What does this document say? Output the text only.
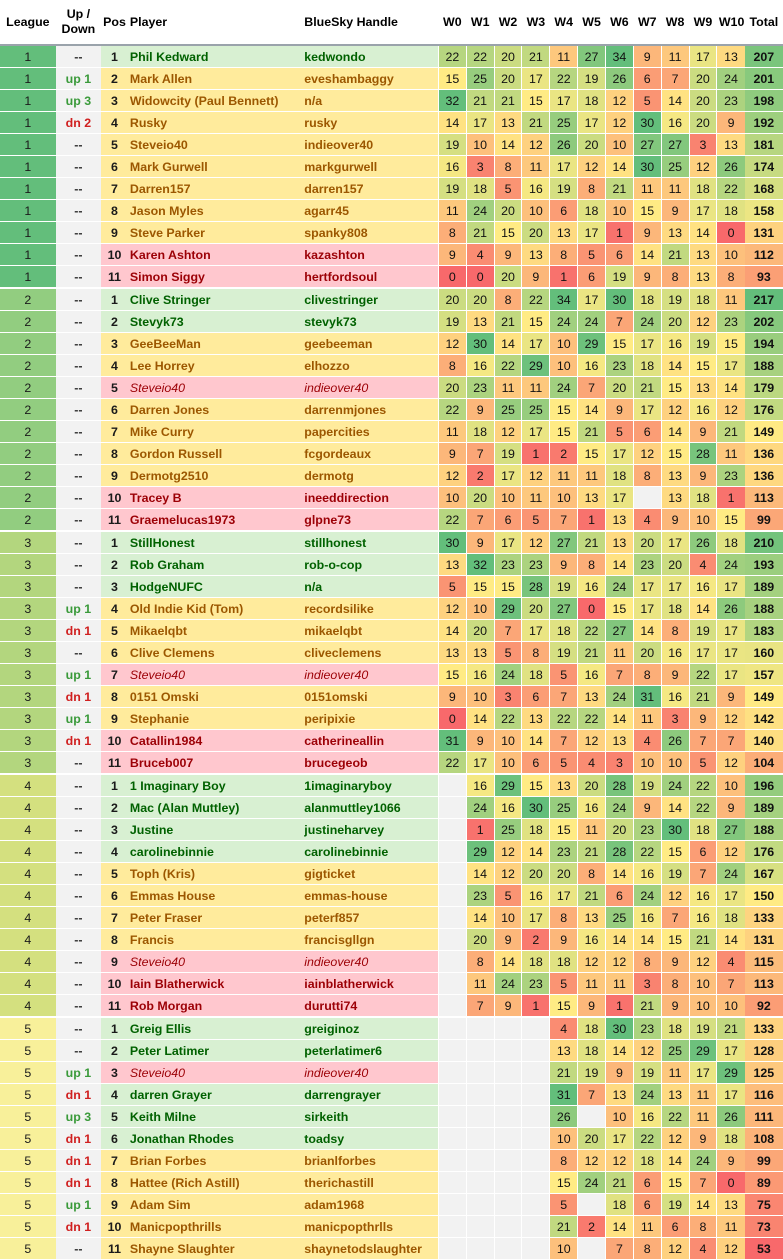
League	Up / Down	Pos	Player	BlueSky Handle	W0	W1	W2	W3	W4	W5	W6	W7	W8	W9	W10	Total
1	--	1	Phil Kedward	kedwondo	22	22	20	21	11	27	34	9	11	17	13	207
1	up 1	2	Mark Allen	eveshambaggy	15	25	20	17	22	19	26	6	7	20	24	201
1	up 3	3	Widowcity (Paul Bennett)	n/a	32	21	21	15	17	18	12	5	14	20	23	198
1	dn 2	4	Rusky	rusky	14	17	13	21	25	17	12	30	16	20	9	192
1	--	5	Steveio40	indieover40	19	10	14	12	26	20	10	27	27	3	13	181
1	--	6	Mark Gurwell	markgurwell	16	3	8	11	17	12	14	30	25	12	26	174
1	--	7	Darren157	darren157	19	18	5	16	19	8	21	11	11	18	22	168
1	--	8	Jason Myles	agarr45	11	24	20	10	6	18	10	15	9	17	18	158
1	--	9	Steve Parker	spanky808	8	21	15	20	13	17	1	9	13	14	0	131
1	--	10	Karen Ashton	kazashton	9	4	9	13	8	5	6	14	21	13	10	112
1	--	11	Simon Siggy	hertfordsoul	0	0	20	9	1	6	19	9	8	13	8	93
2	--	1	Clive Stringer	clivestringer	20	20	8	22	34	17	30	18	19	18	11	217
2	--	2	Stevyk73	stevyk73	19	13	21	15	24	24	7	24	20	12	23	202
2	--	3	GeeBeeMan	geebeeman	12	30	14	17	10	29	15	17	16	19	15	194
2	--	4	Lee Horrey	elhozzo	8	16	22	29	10	16	23	18	14	15	17	188
2	--	5	Steveio40	indieover40	20	23	11	11	24	7	20	21	15	13	14	179
2	--	6	Darren Jones	darrenmjones	22	9	25	25	15	14	9	17	12	16	12	176
2	--	7	Mike Curry	papercities	11	18	12	17	15	21	5	6	14	9	21	149
2	--	8	Gordon Russell	fcgordeaux	9	7	19	1	2	15	17	12	15	28	11	136
2	--	9	Dermotg2510	dermotg	12	2	17	12	11	11	18	8	13	9	23	136
2	--	10	Tracey B	ineeddirection	10	20	10	11	10	13	17		13	18	1	113
2	--	11	Graemelucas1973	glpne73	22	7	6	5	7	1	13	4	9	10	15	99
3	--	1	StillHonest	stillhonest	30	9	17	12	27	21	13	20	17	26	18	210
3	--	2	Rob Graham	rob-o-cop	13	32	23	23	9	8	14	23	20	4	24	193
3	--	3	HodgeNUFC	n/a	5	15	15	28	19	16	24	17	17	16	17	189
3	up 1	4	Old Indie Kid (Tom)	recordsilike	12	10	29	20	27	0	15	17	18	14	26	188
3	dn 1	5	Mikaelqbt	mikaelqbt	14	20	7	17	18	22	27	14	8	19	17	183
3	--	6	Clive Clemens	cliveclemens	13	13	5	8	19	21	11	20	16	17	17	160
3	up 1	7	Steveio40	indieover40	15	16	24	18	5	16	7	8	9	22	17	157
3	dn 1	8	0151 Omski	0151omski	9	10	3	6	7	13	24	31	16	21	9	149
3	up 1	9	Stephanie	peripixie	0	14	22	13	22	22	14	11	3	9	12	142
3	dn 1	10	Catallin1984	catherineallin	31	9	10	14	7	12	13	4	26	7	7	140
3	--	11	Bruceb007	brucegeob	22	17	10	6	5	4	3	10	10	5	12	104
4	--	1	1 Imaginary Boy	1imaginaryboy		16	29	15	13	20	28	19	24	22	10	196
4	--	2	Mac (Alan Muttley)	alanmuttley1066		24	16	30	25	16	24	9	14	22	9	189
4	--	3	Justine	justineharvey		1	25	18	15	11	20	23	30	18	27	188
4	--	4	carolinebinnie	carolinebinnie		29	12	14	23	21	28	22	15	6	12	176
4	--	5	Toph (Kris)	gigticket		14	12	20	20	8	14	16	19	7	24	167
4	--	6	Emmas House	emmas-house		23	5	16	17	21	6	24	12	16	17	150
4	--	7	Peter Fraser	peterf857		14	10	17	8	13	25	16	7	16	18	133
4	--	8	Francis	francisgllgn		20	9	2	9	16	14	14	15	21	14	131
4	--	9	Steveio40	indieover40		8	14	18	18	12	12	8	9	12	4	115
4	--	10	Iain Blatherwick	iainblatherwick		11	24	23	5	11	11	3	8	10	7	113
4	--	11	Rob Morgan	durutti74		7	9	1	15	9	1	21	9	10	10	92
5	--	1	Greig Ellis	greiginoz					4	18	30	23	18	19	21	133
5	--	2	Peter Latimer	peterlatimer6					13	18	14	12	25	29	17	128
5	up 1	3	Steveio40	indieover40					21	19	9	19	11	17	29	125
5	dn 1	4	darren Grayer	darrengrayer					31	7	13	24	13	11	17	116
5	up 3	5	Keith Milne	sirkeith					26		10	16	22	11	26	111
5	dn 1	6	Jonathan Rhodes	toadsy					10	20	17	22	12	9	18	108
5	dn 1	7	Brian Forbes	brianlforbes					8	12	12	18	14	24	9	99
5	dn 1	8	Hattee (Rich Astill)	therichastill					15	24	21	6	15	7	0	89
5	up 1	9	Adam Sim	adam1968					5		18	6	19	14	13	75
5	dn 1	10	Manicpopthrills	manicpopthrlls					21	2	14	11	6	8	11	73
5	--	11	Shayne Slaughter	shaynetodslaughter					10		7	8	12	4	12	53
